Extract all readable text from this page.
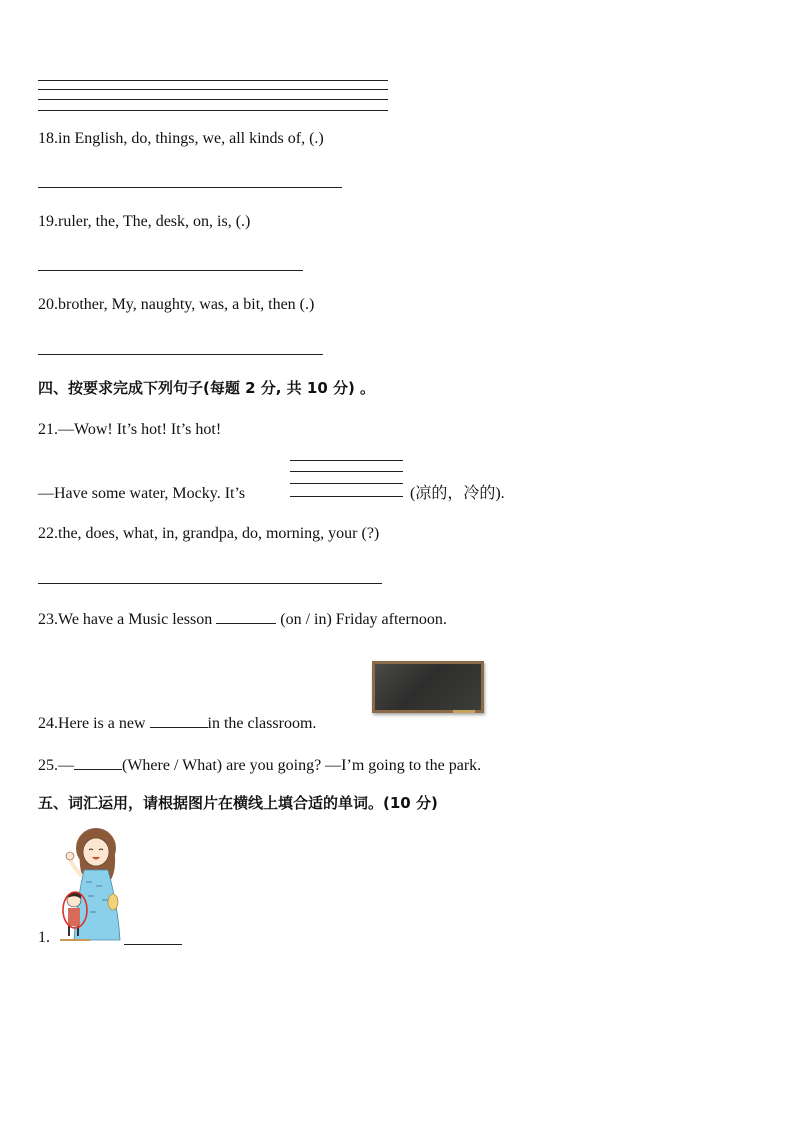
18.in English, do, things, we, all kinds of, (.)
19.ruler, the, The, desk, on, is, (.)
20.brother, My, naughty, was, a bit, then (.)
四、按要求完成下列句子(每题 2 分, 共 10 分) 。
21.—Wow! It’s hot! It’s hot!
—Have some water, Mocky. It’s	(凉的，冷的).
22.the, does, what, in, grandpa, do, morning, your (?)
23.We have a Music lesson	(on / in) Friday afternoon.
24.Here is a new	in the classroom.
25.—	(Where / What) are you going? —I’m going to the park.
五、词汇运用，请根据图片在横线上填合适的单词。(10 分)
1.
